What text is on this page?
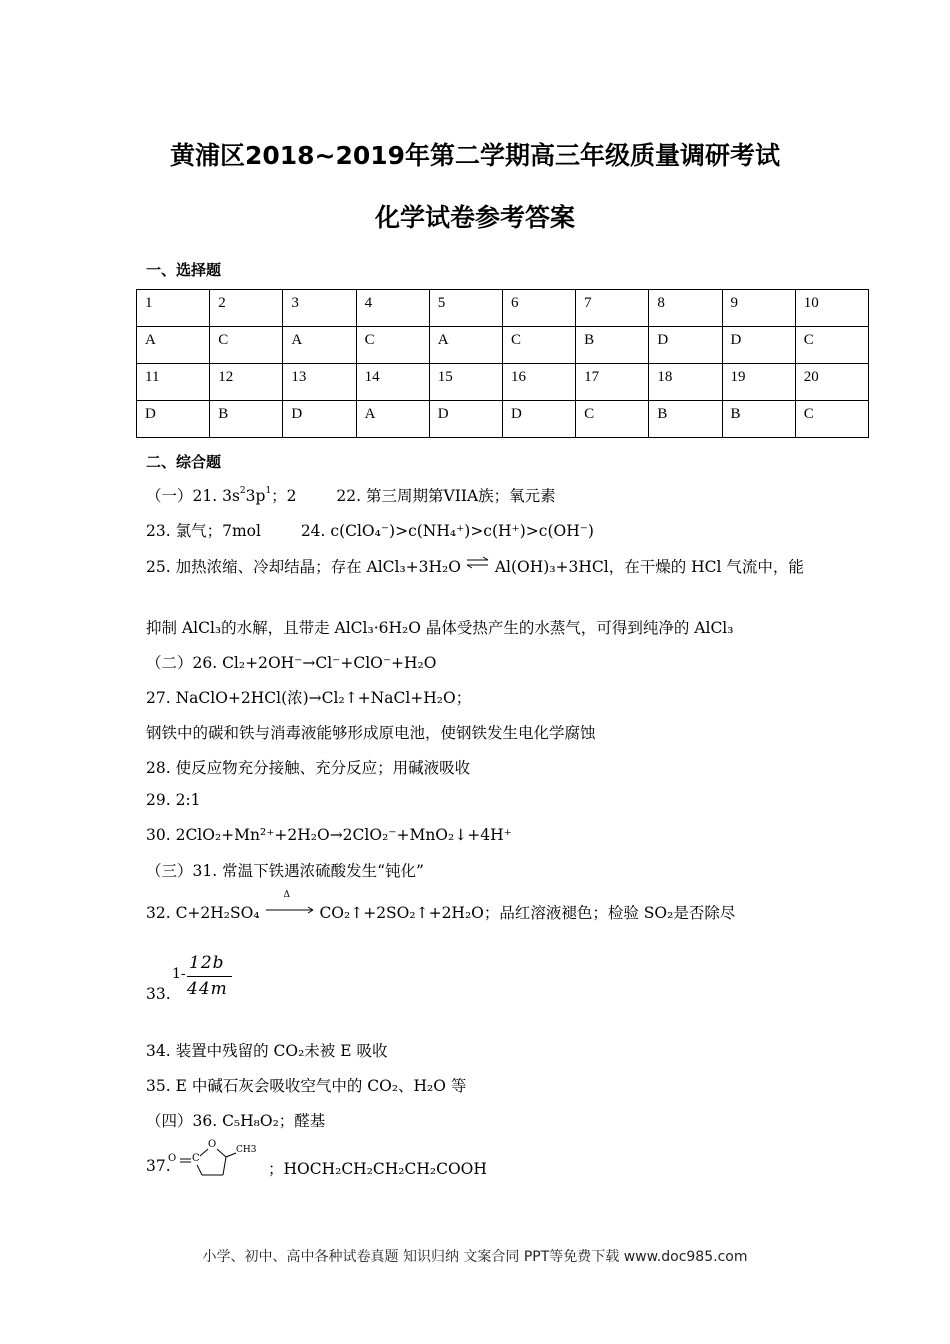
黄浦区2018~2019年第二学期高三年级质量调研考试
化学试卷参考答案
一、选择题
1	2	3	4	5	6	7	8	9	10
A	C	A	C	A	C	B	D	D	C
11	12	13	14	15	16	17	18	19	20
D	B	D	A	D	D	C	B	B	C
二、综合题
（一）21. $3s^23p^1$；2	22. 第三周期第VIIA族；氧元素
23. 氯气；7mol	24. c(ClO₄⁻)>c(NH₄⁺)>c(H⁺)>c(OH⁻)
25. 加热浓缩、冷却结晶；存在 AlCl₃+3H₂O ⇌ Al(OH)₃+3HCl，在干燥的 HCl 气流中，能
抑制 AlCl₃的水解，且带走 AlCl₃·6H₂O 晶体受热产生的水蒸气，可得到纯净的 AlCl₃
（二）26. Cl₂+2OH⁻→Cl⁻+ClO⁻+H₂O
27. NaClO+2HCl(浓)→Cl₂↑+NaCl+H₂O；
钢铁中的碳和铁与消毒液能够形成原电池，使钢铁发生电化学腐蚀
28. 使反应物充分接触、充分反应；用碱液吸收
29. 2:1
30. 2ClO₂+Mn²⁺+2H₂O→2ClO₂⁻+MnO₂↓+4H⁺
（三）31. 常温下铁遇浓硫酸发生“钝化”
32. C+2H₂SO₄
Δ
CO₂↑+2SO₂↑+2H₂O；品红溶液褪色；检验 SO₂是否除尽
33.
1-
12b
44m
34. 装置中残留的 CO₂未被 E 吸收
35. E 中碱石灰会吸收空气中的 CO₂、H₂O 等
（四）36. C₅H₈O₂；醛基
37.
O C
O CH3
；HOCH₂CH₂CH₂CH₂COOH
小学、初中、高中各种试卷真题 知识归纳 文案合同 PPT等免费下载 www.doc985.com
